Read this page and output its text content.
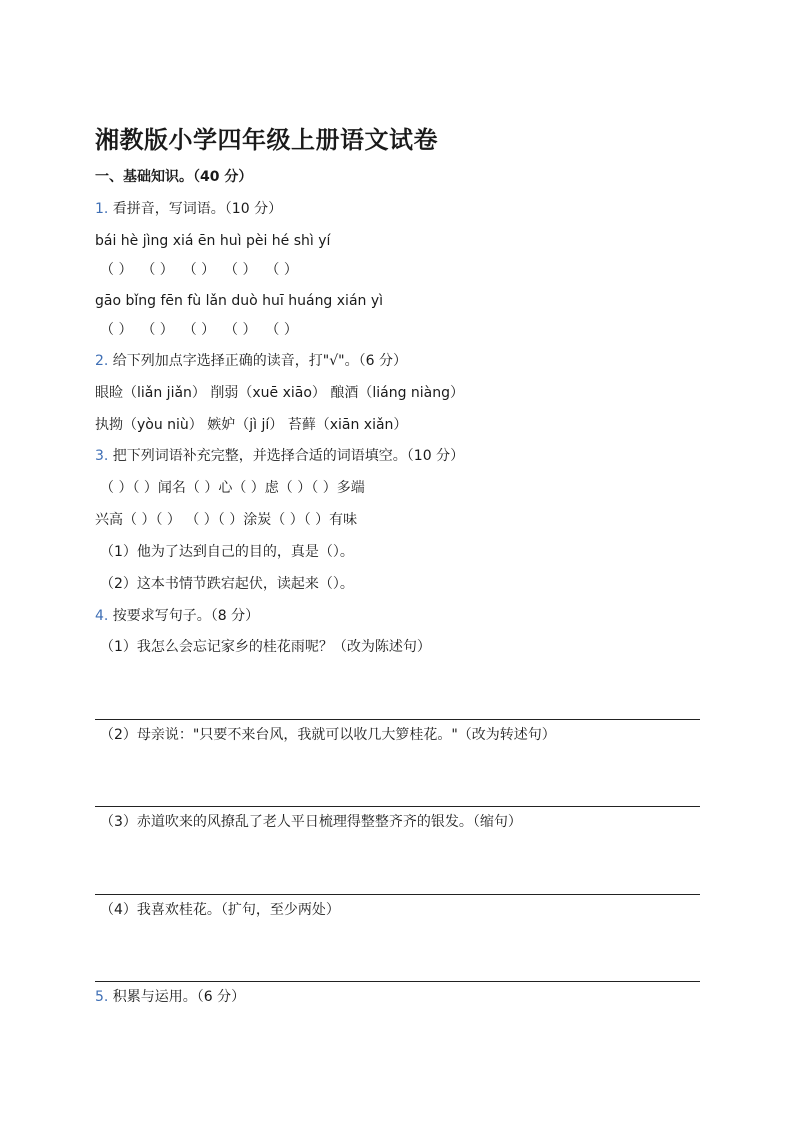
湘教版小学四年级上册语文试卷
一、基础知识。（40 分）
1. 看拼音，写词语。（10 分）
bái hè jìng xiá ēn huì pèi hé shì yí
（ ）  （ ）  （ ）  （ ）  （ ）
gāo bǐng fēn fù lǎn duò huī huáng xián yì
（ ）  （ ）  （ ）  （ ）  （ ）
2. 给下列加点字选择正确的读音，打"√"。（6 分）
眼睑（liǎn jiǎn） 削弱（xuē xiāo） 酿酒（liáng niàng）
执拗（yòu niù） 嫉妒（jì jí） 苔藓（xiān xiǎn）
3. 把下列词语补充完整，并选择合适的词语填空。（10 分）
（ ）（ ）闻名（ ）心（ ）虑（ ）（ ）多端
兴高（ ）（ ） （ ）（ ）涂炭（ ）（ ）有味
（1）他为了达到自己的目的，真是（）。
（2）这本书情节跌宕起伏，读起来（）。
4. 按要求写句子。（8 分）
（1）我怎么会忘记家乡的桂花雨呢？（改为陈述句）
（2）母亲说："只要不来台风，我就可以收几大箩桂花。"（改为转述句）
（3）赤道吹来的风撩乱了老人平日梳理得整整齐齐的银发。（缩句）
（4）我喜欢桂花。（扩句，至少两处）
5. 积累与运用。（6 分）
